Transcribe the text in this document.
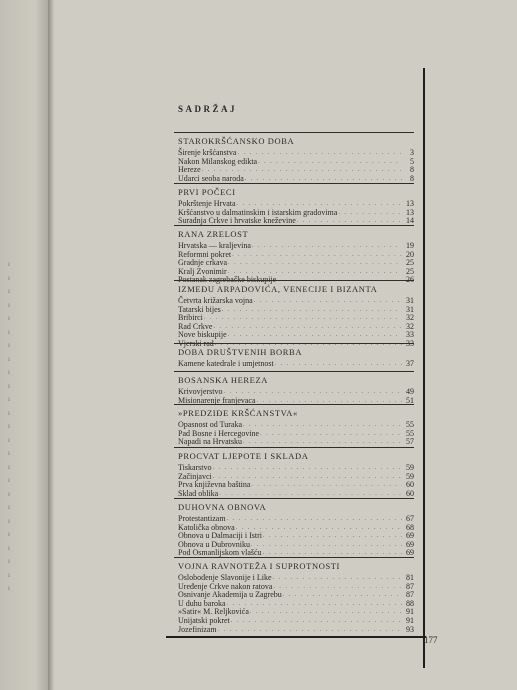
ı
ı
ı
ı
ı
ı
ı
ı
ı
ı
ı
ı
ı
ı
ı
ı
ı
ı
ı
ı
ı
ı
ı
ı
ı
SADRŽAJ
STAROKRŠĆANSKO DOBA
Širenje kršćanstva . . .	3
Nakon Milanskog edikta . . .	5
Hereze . . .	8
Udarci seoba naroda . . .	8
PRVI POČECI
Pokrštenje Hrvata . . .	13
Kršćanstvo u dalmatinskim i istarskim gradovima . . .	13
Suradnja Crkve i hrvatske kneževine . . .	14
RANA ZRELOST
Hrvatska — kraljevina . . .	19
Reformni pokret . . .	20
Gradnje crkava . . .	25
Kralj Zvonimir . . .	25
Postanak zagrebačke biskupije . . .	26
IZMEĐU ARPADOVIĆA, VENECIJE I BIZANTA
Četvrta križarska vojna . . .	31
Tatarski bijes . . .	31
Bribirci . . .	32
Rad Crkve . . .	32
Nove biskupije . . .	33
Vjerski rad . . .	33
DOBA DRUŠTVENIH BORBA
Kamene katedrale i umjetnost . . .	37
BOSANSKA HEREZA
Krivovjerstvo . . .	49
Misionarenje franjevaca . . .	51
»PREDZIĐE KRŠĆANSTVA«
Opasnost od Turaka . . .	55
Pad Bosne i Hercegovine . . .	55
Napadi na Hrvatsku . . .	57
PROCVAT LJEPOTE I SKLADA
Tiskarstvo . . .	59
Začinjavci . . .	59
Prva književna baština . . .	60
Sklad oblika . . .	60
DUHOVNA OBNOVA
Protestantizam . . .	67
Katolička obnova . . .	68
Obnova u Dalmaciji i Istri . . .	69
Obnova u Dubrovniku . . .	69
Pod Osmanlijskom vlašću . . .	69
VOJNA RAVNOTEŽA I SUPROTNOSTI
Oslobođenje Slavonije i Like . . .	81
Uređenje Crkve nakon ratova . . .	87
Osnivanje Akademija u Zagrebu . . .	87
U duhu baroka . . .	88
»Satir« M. Reljkovića . . .	91
Unijatski pokret . . .	91
Jozefinizam . . .	93
177
